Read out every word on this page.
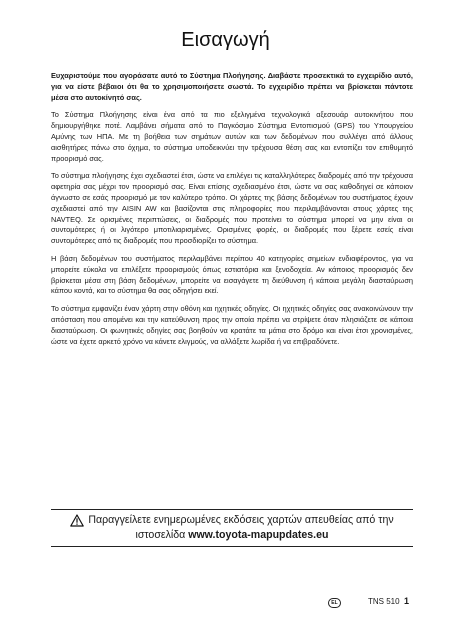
Εισαγωγή

Ευχαριστούμε που αγοράσατε αυτό το Σύστημα Πλοήγησης. Διαβάστε προσεκτικά το εγχειρίδιο αυτό, για να είστε βέβαιοι ότι θα το χρησιμοποιήσετε σωστά. Το εγχειρίδιο πρέπει να βρίσκεται πάντοτε μέσα στο αυτοκίνητό σας.

Το Σύστημα Πλοήγησης είναι ένα από τα πιο εξελιγμένα τεχνολογικά αξεσουάρ αυτοκινήτου που δημιουργήθηκε ποτέ. Λαμβάνει σήματα από το Παγκόσμιο Σύστημα Εντοπισμού (GPS) του Υπουργείου Αμύνης των ΗΠΑ. Με τη βοήθεια των σημάτων αυτών και των δεδομένων που συλλέγει από άλλους αισθητήρες πάνω στο όχημα, το σύστημα υποδεικνύει την τρέχουσα θέση σας και εντοπίζει τον επιθυμητό προορισμό σας.

Το σύστημα πλοήγησης έχει σχεδιαστεί έτσι, ώστε να επιλέγει τις καταλληλότερες διαδρομές από την τρέχουσα αφετηρία σας μέχρι τον προορισμό σας. Είναι επίσης σχεδιασμένο έτσι, ώστε να σας καθοδηγεί σε κάποιον άγνωστο σε εσάς προορισμό με τον καλύτερο τρόπο. Οι χάρτες της βάσης δεδομένων του συστήματος έχουν σχεδιαστεί από την AISIN AW και βασίζονται στις πληροφορίες που περιλαμβάνονται στους χάρτες της NAVTEQ. Σε ορισμένες περιπτώσεις, οι διαδρομές που προτείνει το σύστημα μπορεί να μην είναι οι συντομότερες ή οι λιγότερο μποτιλιαρισμένες. Ορισμένες φορές, οι διαδρομές που ξέρετε εσείς είναι συντομότερες από τις διαδρομές που προσδιορίζει το σύστημα.

Η βάση δεδομένων του συστήματος περιλαμβάνει περίπου 40 κατηγορίες σημείων ενδιαφέροντος, για να μπορείτε εύκολα να επιλέξετε προορισμούς όπως εστιατόρια και ξενοδοχεία. Αν κάποιος προορισμός δεν βρίσκεται μέσα στη βάση δεδομένων, μπορείτε να εισαγάγετε τη διεύθυνση ή κάποια μεγάλη διασταύρωση κάπου κοντά, και το σύστημα θα σας οδηγήσει εκεί.

Το σύστημα εμφανίζει έναν χάρτη στην οθόνη και ηχητικές οδηγίες. Οι ηχητικές οδηγίες σας ανακοινώνουν την απόσταση που απομένει και την κατεύθυνση προς την οποία πρέπει να στρίψετε όταν πλησιάζετε σε κάποια διασταύρωση. Οι φωνητικές οδηγίες σας βοηθούν να κρατάτε τα μάτια στο δρόμο και είναι έτσι χρονισμένες, ώστε να έχετε αρκετό χρόνο να κάνετε ελιγμούς, να αλλάξετε λωρίδα ή να επιβραδύνετε.

Παραγγείλετε ενημερωμένες εκδόσεις χαρτών απευθείας από την
ιστοσελίδα www.toyota-mapupdates.eu
EL	TNS 510 1
